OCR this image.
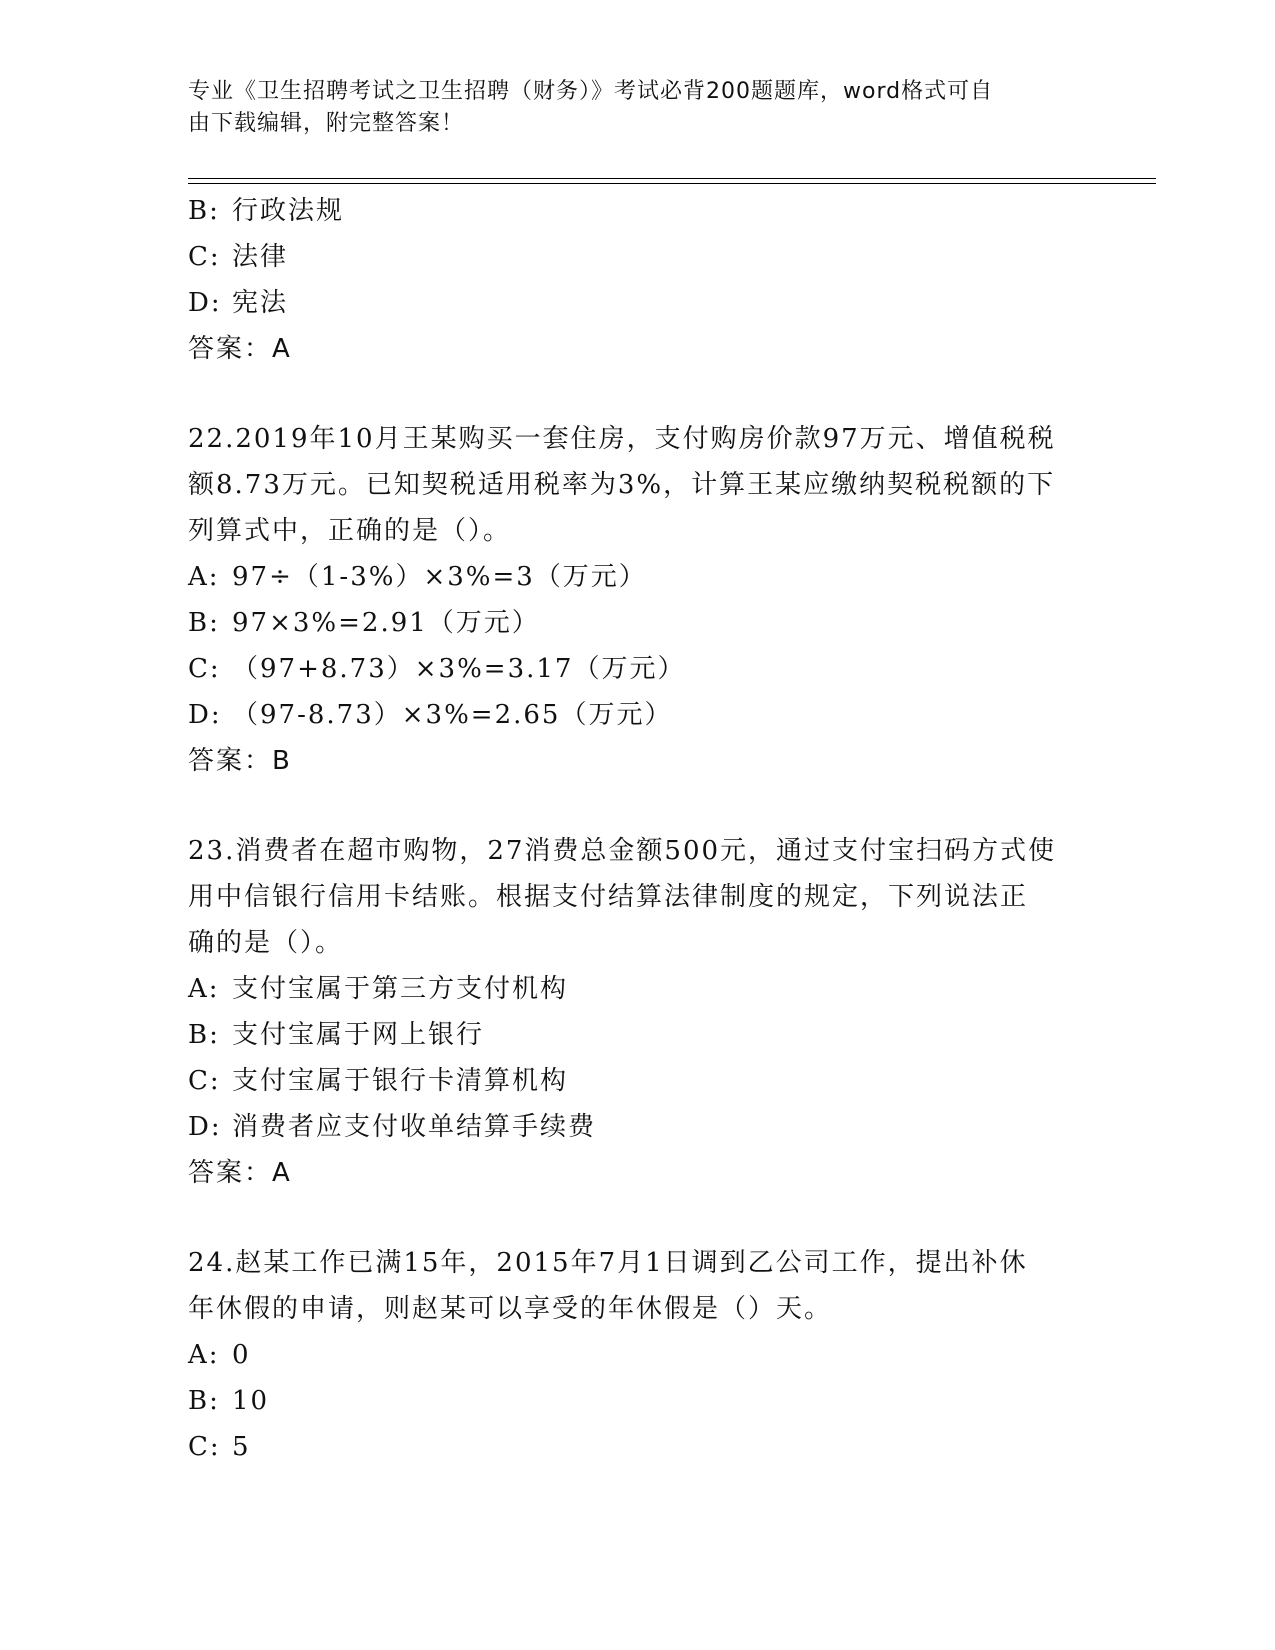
专业《卫生招聘考试之卫生招聘（财务）》考试必背200题题库，word格式可自
由下载编辑，附完整答案！
B: 行政法规
C: 法律
D: 宪法
答案：A
22.2019年10月王某购买一套住房，支付购房价款97万元、增值税税
额8.73万元。已知契税适用税率为3%，计算王某应缴纳契税税额的下
列算式中，正确的是（）。
A: 97÷（1-3%）×3%=3（万元）
B: 97×3%=2.91（万元）
C: （97+8.73）×3%=3.17（万元）
D: （97-8.73）×3%=2.65（万元）
答案：B
23.消费者在超市购物，27消费总金额500元，通过支付宝扫码方式使
用中信银行信用卡结账。根据支付结算法律制度的规定，下列说法正
确的是（）。
A: 支付宝属于第三方支付机构
B: 支付宝属于网上银行
C: 支付宝属于银行卡清算机构
D: 消费者应支付收单结算手续费
答案：A
24.赵某工作已满15年，2015年7月1日调到乙公司工作，提出补休
年休假的申请，则赵某可以享受的年休假是（）天。
A: 0
B: 10
C: 5
